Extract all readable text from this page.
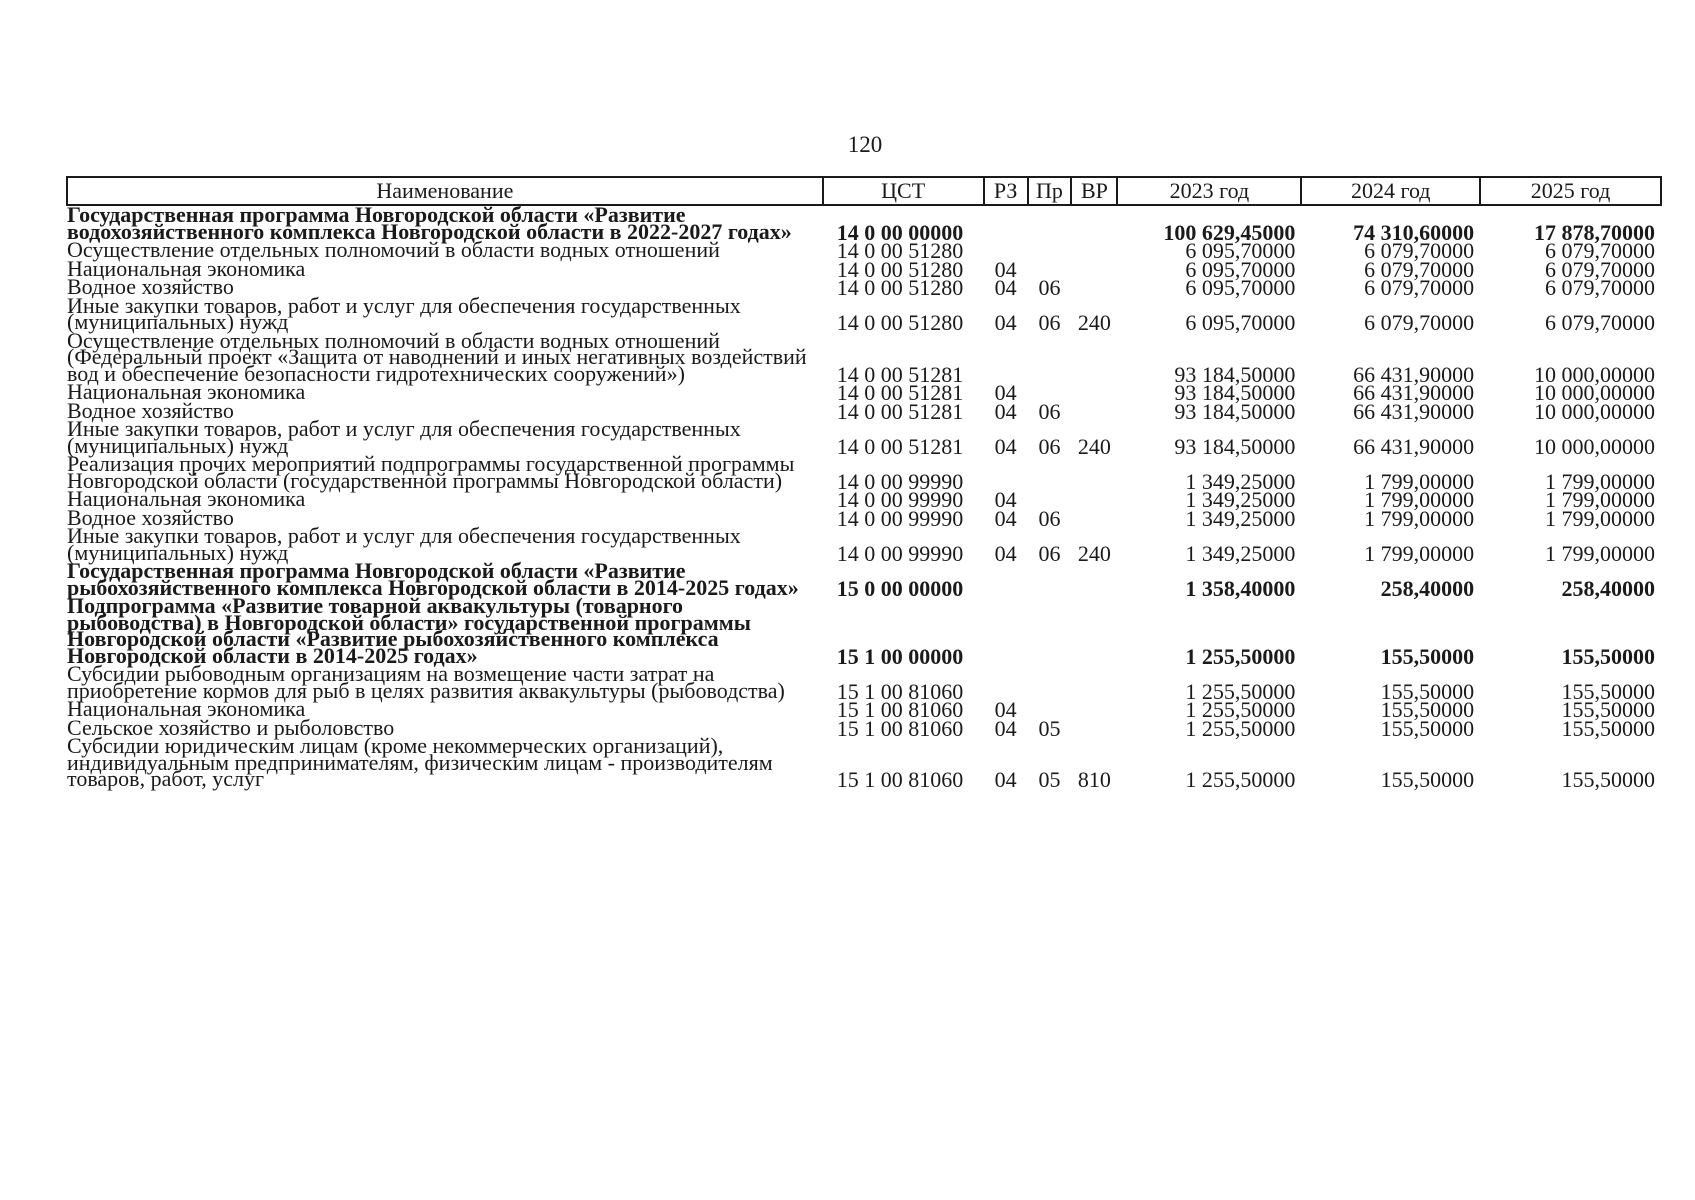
120
Наименование	ЦСТ	РЗ	Пр	ВР	2023 год	2024 год	2025 год
Государственная программа Новгородской области «Развитие водохозяйственного комплекса Новгородской области в 2022-2027 годах»	14 0 00 00000				100 629,45000	74 310,60000	17 878,70000
Осуществление отдельных полномочий в области водных отношений	14 0 00 51280				6 095,70000	6 079,70000	6 079,70000
Национальная экономика	14 0 00 51280	04			6 095,70000	6 079,70000	6 079,70000
Водное хозяйство	14 0 00 51280	04	06		6 095,70000	6 079,70000	6 079,70000
Иные закупки товаров, работ и услуг для обеспечения государственных (муниципальных) нужд	14 0 00 51280	04	06	240	6 095,70000	6 079,70000	6 079,70000
Осуществление отдельных полномочий в области водных отношений (Федеральный проект «Защита от наводнений и иных негативных воздействий вод и обеспечение безопасности гидротехнических сооружений»)	14 0 00 51281				93 184,50000	66 431,90000	10 000,00000
Национальная экономика	14 0 00 51281	04			93 184,50000	66 431,90000	10 000,00000
Водное хозяйство	14 0 00 51281	04	06		93 184,50000	66 431,90000	10 000,00000
Иные закупки товаров, работ и услуг для обеспечения государственных (муниципальных) нужд	14 0 00 51281	04	06	240	93 184,50000	66 431,90000	10 000,00000
Реализация прочих мероприятий подпрограммы государственной программы Новгородской области (государственной программы Новгородской области)	14 0 00 99990				1 349,25000	1 799,00000	1 799,00000
Национальная экономика	14 0 00 99990	04			1 349,25000	1 799,00000	1 799,00000
Водное хозяйство	14 0 00 99990	04	06		1 349,25000	1 799,00000	1 799,00000
Иные закупки товаров, работ и услуг для обеспечения государственных (муниципальных) нужд	14 0 00 99990	04	06	240	1 349,25000	1 799,00000	1 799,00000
Государственная программа Новгородской области «Развитие рыбохозяйственного комплекса Новгородской области в 2014-2025 годах»	15 0 00 00000				1 358,40000	258,40000	258,40000
Подпрограмма «Развитие товарной аквакультуры (товарного рыбоводства) в Новгородской области» государственной программы Новгородской области «Развитие рыбохозяйственного комплекса Новгородской области в 2014-2025 годах»	15 1 00 00000				1 255,50000	155,50000	155,50000
Субсидии рыбоводным организациям на возмещение части затрат на приобретение кормов для рыб в целях развития аквакультуры (рыбоводства)	15 1 00 81060				1 255,50000	155,50000	155,50000
Национальная экономика	15 1 00 81060	04			1 255,50000	155,50000	155,50000
Сельское хозяйство и рыболовство	15 1 00 81060	04	05		1 255,50000	155,50000	155,50000
Субсидии юридическим лицам (кроме некоммерческих организаций), индивидуальным предпринимателям, физическим лицам - производителям товаров, работ, услуг	15 1 00 81060	04	05	810	1 255,50000	155,50000	155,50000
